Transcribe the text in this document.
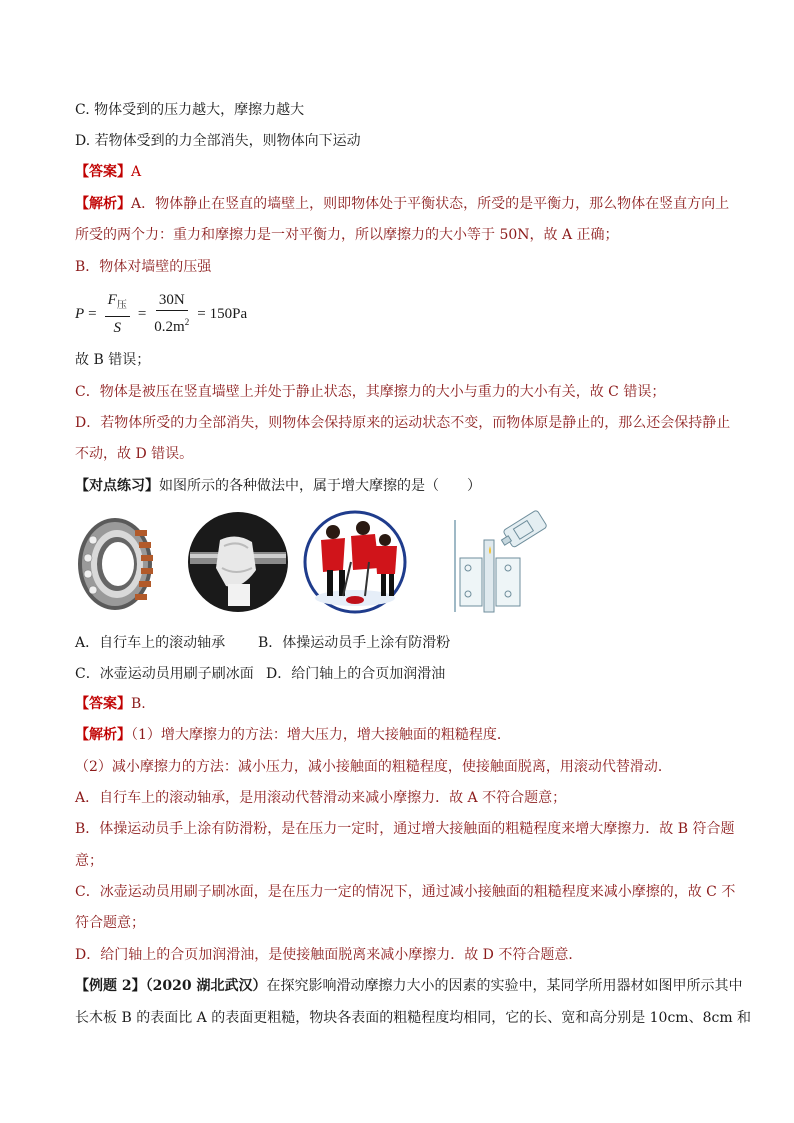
C. 物体受到的压力越大，摩擦力越大
D. 若物体受到的力全部消失，则物体向下运动
【答案】A
【解析】A．物体静止在竖直的墙壁上，则即物体处于平衡状态，所受的是平衡力，那么物体在竖直方向上
所受的两个力：重力和摩擦力是一对平衡力，所以摩擦力的大小等于 50N，故 A 正确；
B．物体对墙壁的压强
$P = \frac{F_压}{S} = \frac{30N}{0.2m^2} = 150Pa$
故 B 错误；
C．物体是被压在竖直墙壁上并处于静止状态，其摩擦力的大小与重力的大小有关，故 C 错误；
D．若物体所受的力全部消失，则物体会保持原来的运动状态不变，而物体原是静止的，那么还会保持静止
不动，故 D 错误。
【对点练习】如图所示的各种做法中，属于增大摩擦的是（　　）
A．自行车上的滚动轴承 B．体操运动员手上涂有防滑粉
C．冰壶运动员用刷子刷冰面 D．给门轴上的合页加润滑油
【答案】B.
【解析】（1）增大摩擦力的方法：增大压力，增大接触面的粗糙程度．
（2）减小摩擦力的方法：减小压力，减小接触面的粗糙程度，使接触面脱离，用滚动代替滑动．
A．自行车上的滚动轴承，是用滚动代替滑动来减小摩擦力．故 A 不符合题意；
B．体操运动员手上涂有防滑粉，是在压力一定时，通过增大接触面的粗糙程度来增大摩擦力．故 B 符合题
意；
C．冰壶运动员用刷子刷冰面，是在压力一定的情况下，通过减小接触面的粗糙程度来减小摩擦的，故 C 不
符合题意；
D．给门轴上的合页加润滑油，是使接触面脱离来减小摩擦力．故 D 不符合题意．
【例题 2】（2020 湖北武汉）在探究影响滑动摩擦力大小的因素的实验中，某同学所用器材如图甲所示其中
长木板 B 的表面比 A 的表面更粗糙，物块各表面的粗糙程度均相同，它的长、宽和高分别是 10cm、8cm 和
